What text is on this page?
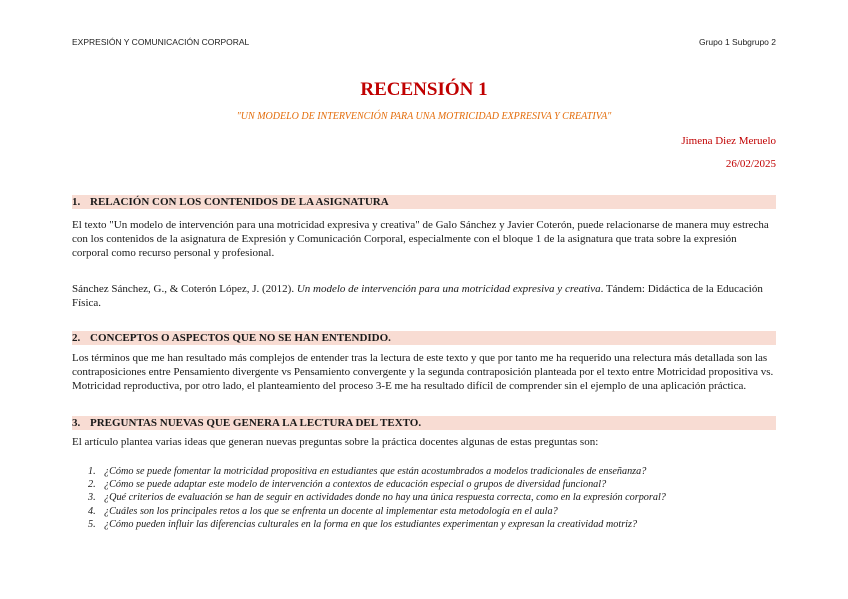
EXPRESIÓN Y COMUNICACIÓN CORPORAL	Grupo 1 Subgrupo 2
RECENSIÓN 1
"UN MODELO DE INTERVENCIÓN PARA UNA MOTRICIDAD EXPRESIVA Y CREATIVA"
Jimena Diez Meruelo
26/02/2025
1. RELACIÓN CON LOS CONTENIDOS DE LA ASIGNATURA
El texto "Un modelo de intervención para una motricidad expresiva y creativa" de Galo Sánchez y Javier Coterón, puede relacionarse de manera muy estrecha con los contenidos de la asignatura de Expresión y Comunicación Corporal, especialmente con el bloque 1 de la asignatura que trata sobre la expresión corporal como recurso personal y profesional.
Sánchez Sánchez, G., & Coterón López, J. (2012). Un modelo de intervención para una motricidad expresiva y creativa. Tándem: Didáctica de la Educación Física.
2. CONCEPTOS O ASPECTOS QUE NO SE HAN ENTENDIDO.
Los términos que me han resultado más complejos de entender tras la lectura de este texto y que por tanto me ha requerido una relectura más detallada son las contraposiciones entre Pensamiento divergente vs Pensamiento convergente y la segunda contraposición planteada por el texto entre Motricidad propositiva vs. Motricidad reproductiva, por otro lado, el planteamiento del proceso 3-E me ha resultado difícil de comprender sin el ejemplo de una aplicación práctica.
3. PREGUNTAS NUEVAS QUE GENERA LA LECTURA DEL TEXTO.
El artículo plantea varias ideas que generan nuevas preguntas sobre la práctica docentes algunas de estas preguntas son:
1. ¿Cómo se puede fomentar la motricidad propositiva en estudiantes que están acostumbrados a modelos tradicionales de enseñanza?
2. ¿Cómo se puede adaptar este modelo de intervención a contextos de educación especial o grupos de diversidad funcional?
3. ¿Qué criterios de evaluación se han de seguir en actividades donde no hay una única respuesta correcta, como en la expresión corporal?
4. ¿Cuáles son los principales retos a los que se enfrenta un docente al implementar esta metodología en el aula?
5. ¿Cómo pueden influir las diferencias culturales en la forma en que los estudiantes experimentan y expresan la creatividad motriz?
